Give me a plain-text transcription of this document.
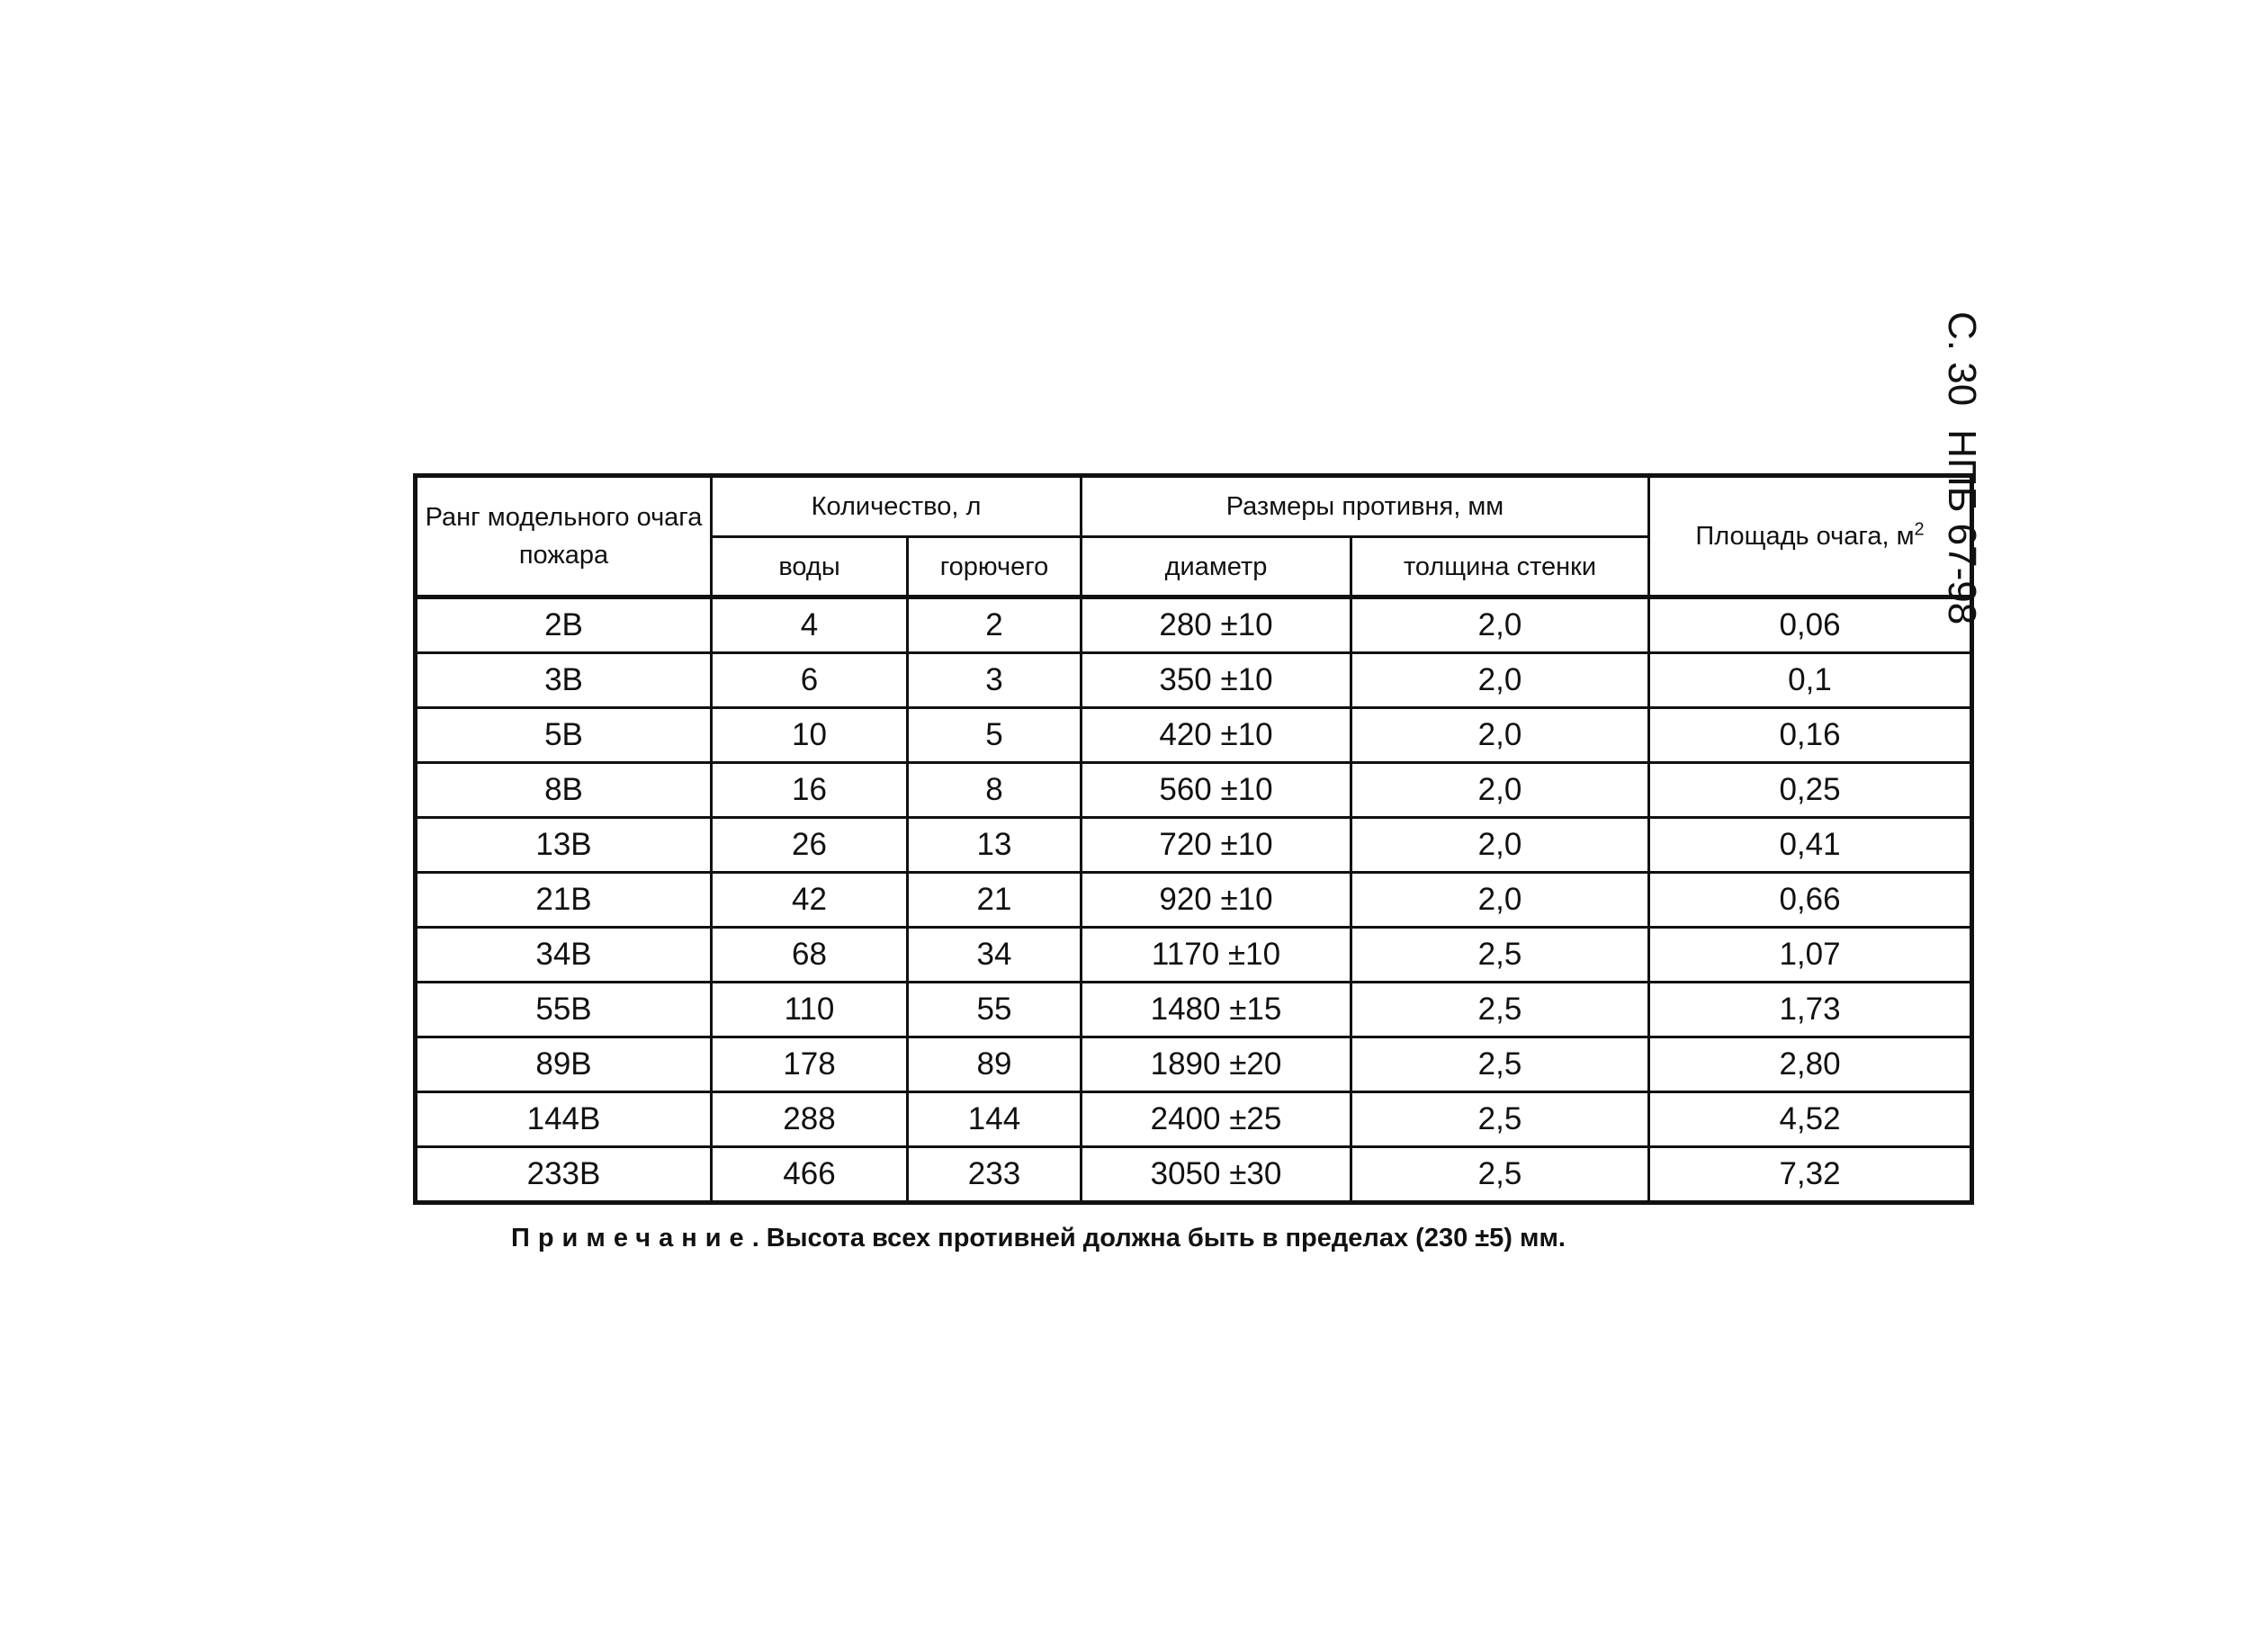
С. 30НПБ 67-98
Ранг модельного очага пожара	Количество, л		Размеры противня, мм		Площадь очага, $м^2$
	воды	горючего	диаметр	толщина стенки	
2В	4	2	280 ±10	2,0	0,06
3В	6	3	350 ±10	2,0	0,1
5В	10	5	420 ±10	2,0	0,16
8В	16	8	560 ±10	2,0	0,25
13В	26	13	720 ±10	2,0	0,41
21В	42	21	920 ±10	2,0	0,66
34В	68	34	1170 ±10	2,5	1,07
55В	110	55	1480 ±15	2,5	1,73
89В	178	89	1890 ±20	2,5	2,80
144В	288	144	2400 ±25	2,5	4,52
233В	466	233	3050 ±30	2,5	7,32
Примечание. Высота всех противней должна быть в пределах (230 ±5) мм.
